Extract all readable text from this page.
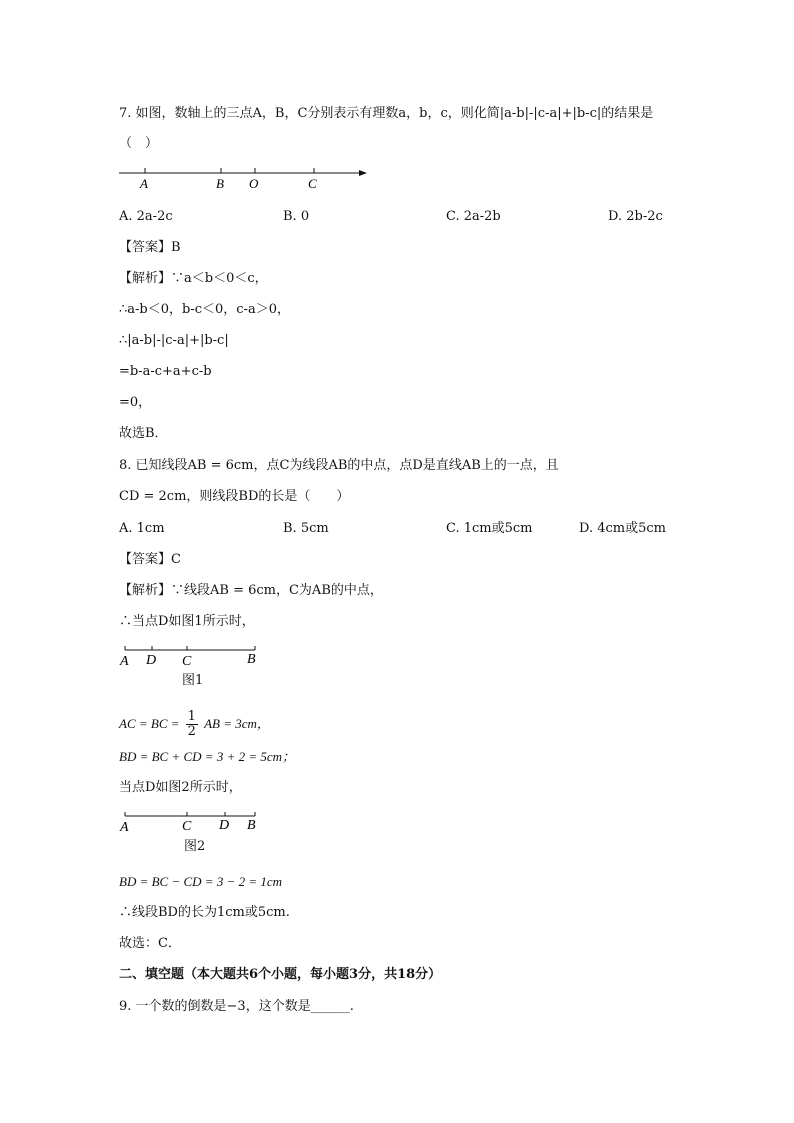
7. 如图，数轴上的三点A，B，C分别表示有理数a，b，c，则化简|a-b|-|c-a|+|b-c|的结果是
（　）
A	B O	C
A. 2a-2c	B. 0	C. 2a-2b	D. 2b-2c
【答案】B
【解析】∵a＜b＜0＜c，
∴a-b＜0，b-c＜0，c-a＞0，
∴|a-b|-|c-a|+|b-c|
=b-a-c+a+c-b
=0，
故选B．
8. 已知线段AB = 6cm，点C为线段AB的中点，点D是直线AB上的一点，且
CD = 2cm，则线段BD的长是（　　）
A. 1cm	B. 5cm	C. 1cm或5cm	D. 4cm或5cm
【答案】C
【解析】∵线段AB = 6cm，C为AB的中点，
∴当点D如图1所示时，
A D C	B
图1
AC = BC = $\frac{1}{2}$ AB = 3cm，
BD = BC + CD = 3 + 2 = 5cm；
当点D如图2所示时，
A	C D B
图2
BD = BC − CD = 3 − 2 = 1cm
∴线段BD的长为1cm或5cm.
故选：C．
二、填空题（本大题共6个小题，每小题3分，共18分）
9. 一个数的倒数是−3，这个数是______.
